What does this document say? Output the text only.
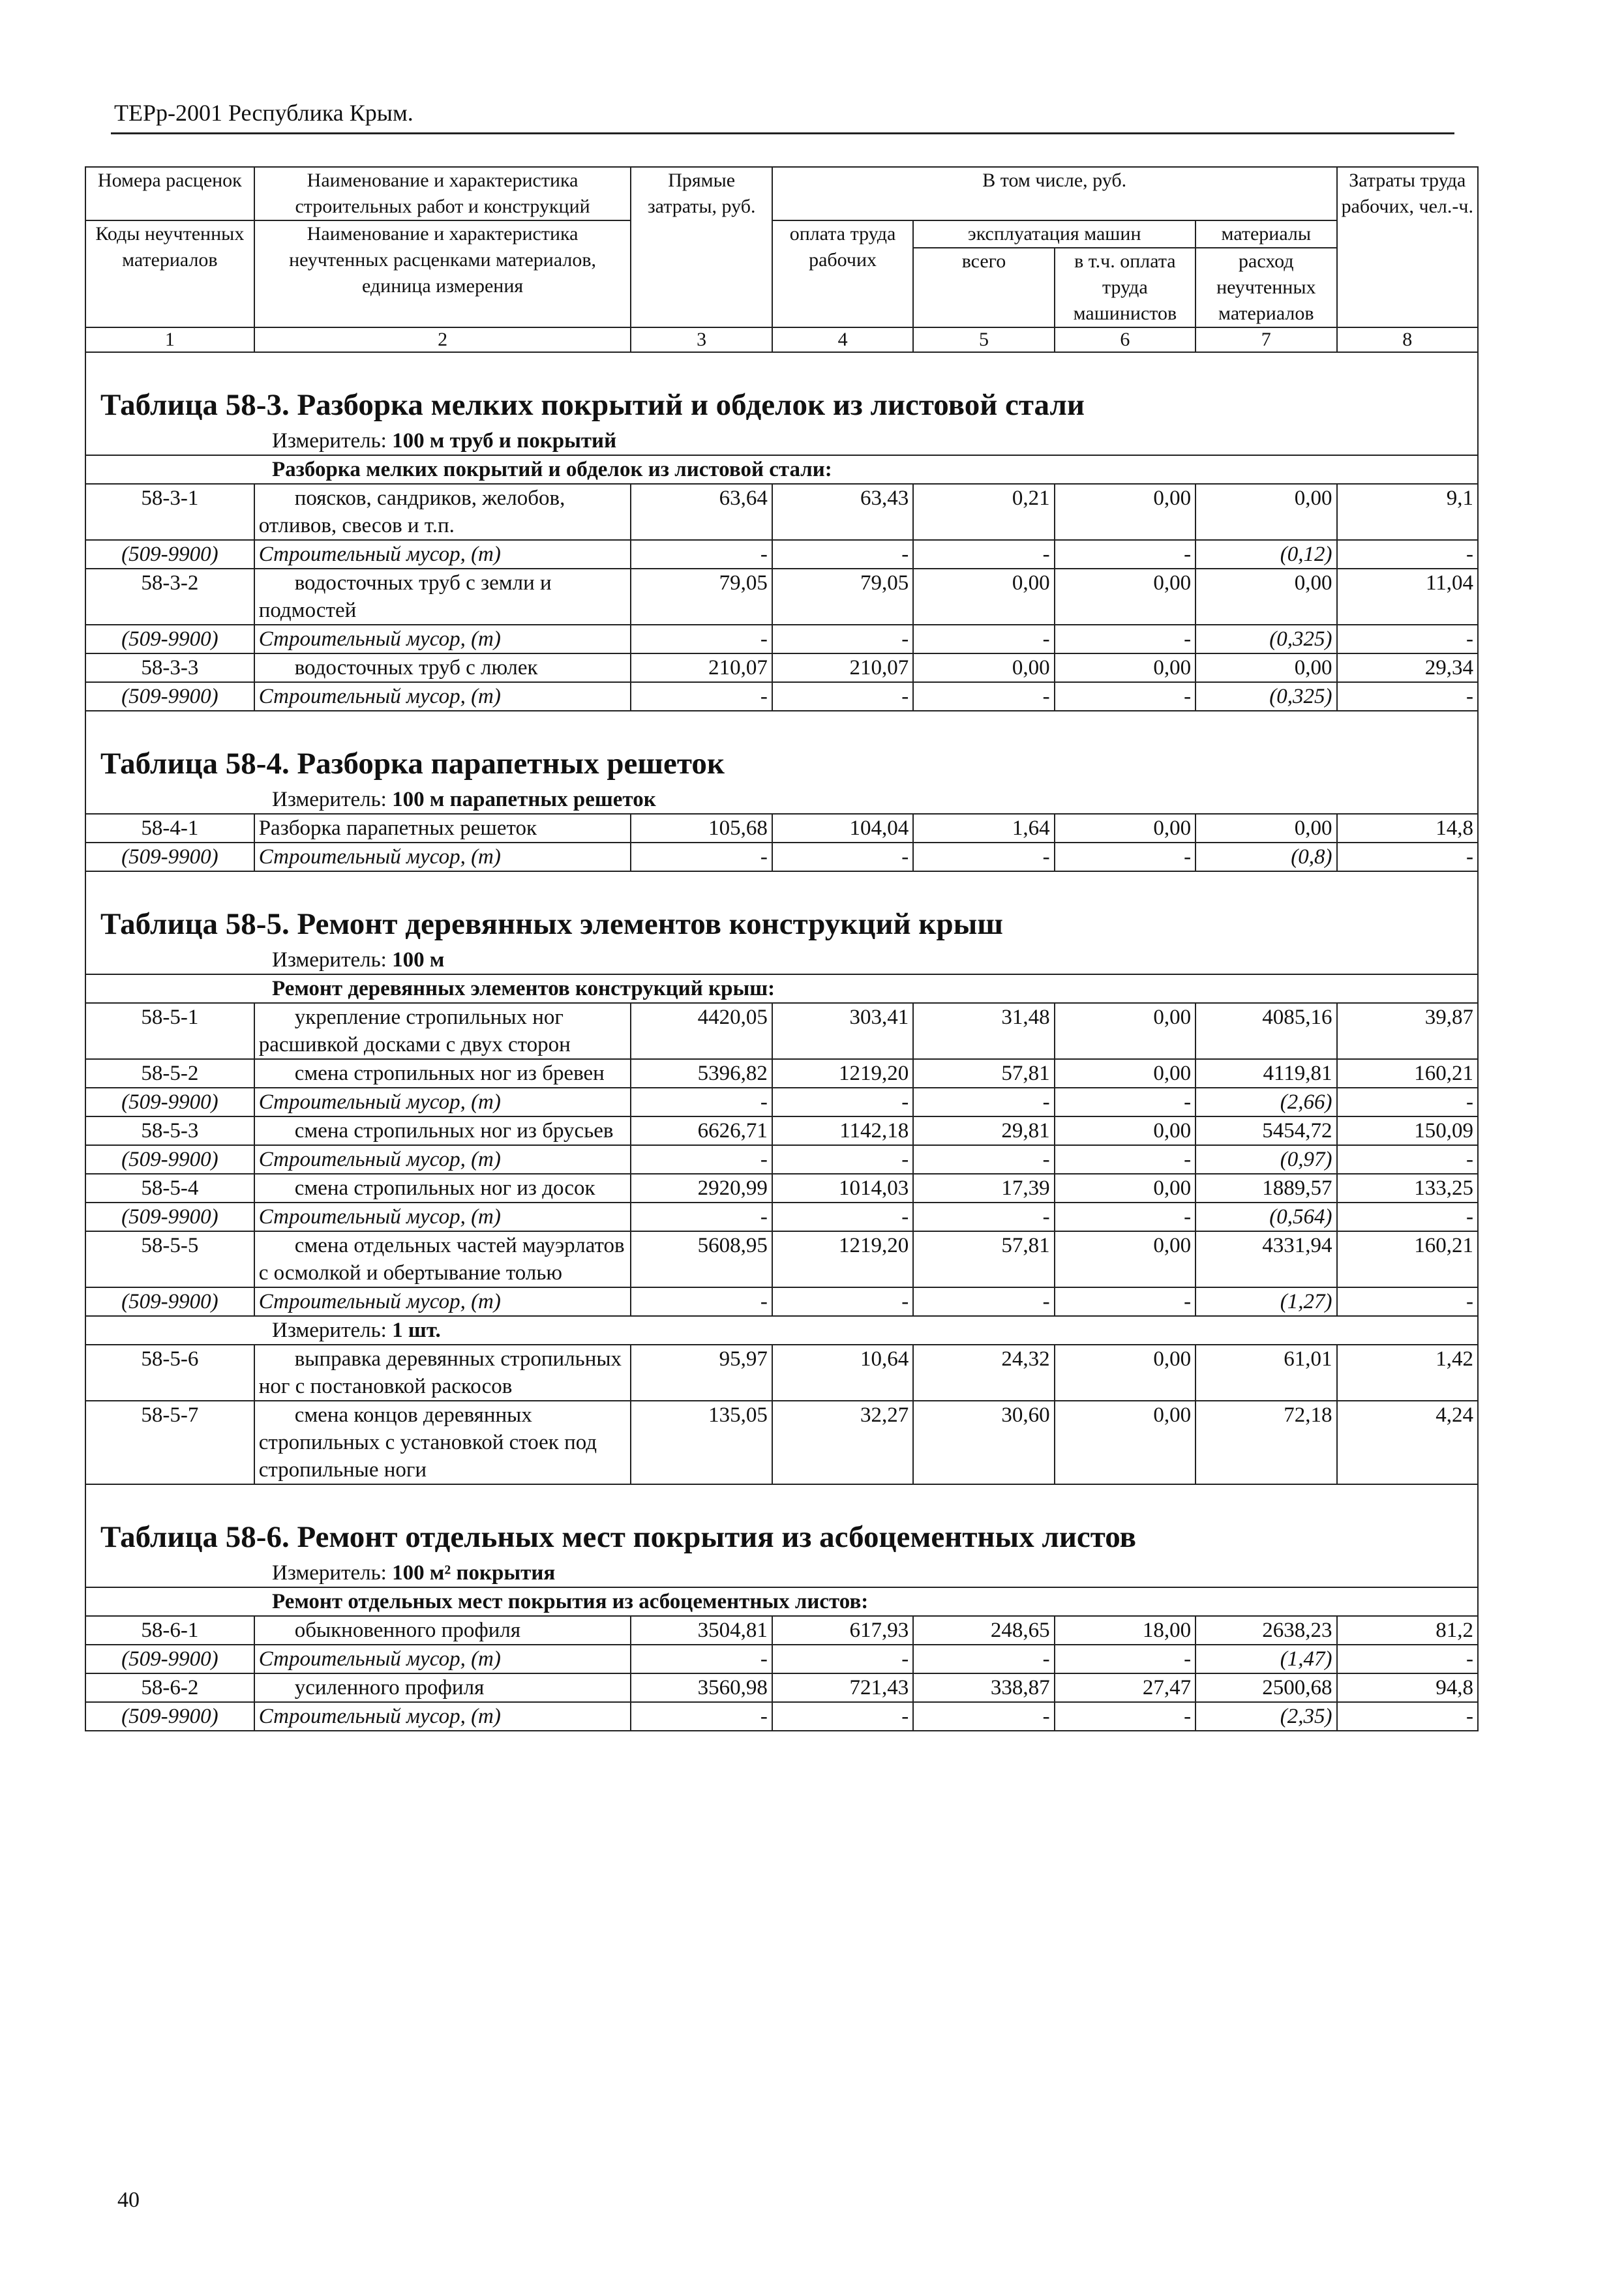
ТЕРр-2001 Республика Крым.
Номера расценок	Наименование и характеристика строительных работ и конструкций	Прямые затраты, руб.	В том числе, руб.				Затраты труда рабочих, чел.-ч.
Коды неучтенных материалов	Наименование и характеристика неучтенных расценками материалов, единица измерения		оплата труда рабочих	эксплуатация машин		материалы	
				всего	в т.ч. оплата труда машинистов	расход неучтенных материалов	
1	2	3	4	5	6	7	8

Таблица 58-3. Разборка мелких покрытий и обделок из листовой стали							
Измеритель: 100 м труб и покрытий							
Разборка мелких покрытий и обделок из листовой стали:							
58-3-1	поясков, сандриков, желобов, отливов, свесов и т.п.	63,64	63,43	0,21	0,00	0,00	9,1
(509-9900)	Строительный мусор, (т)	-	-	-	-	(0,12)	-
58-3-2	водосточных труб с земли и подмостей	79,05	79,05	0,00	0,00	0,00	11,04
(509-9900)	Строительный мусор, (т)	-	-	-	-	(0,325)	-
58-3-3	водосточных труб с люлек	210,07	210,07	0,00	0,00	0,00	29,34
(509-9900)	Строительный мусор, (т)	-	-	-	-	(0,325)	-

Таблица 58-4. Разборка парапетных решеток							
Измеритель: 100 м парапетных решеток							
58-4-1	Разборка парапетных решеток	105,68	104,04	1,64	0,00	0,00	14,8
(509-9900)	Строительный мусор, (т)	-	-	-	-	(0,8)	-

Таблица 58-5. Ремонт деревянных элементов конструкций крыш							
Измеритель: 100 м							
Ремонт деревянных элементов конструкций крыш:							
58-5-1	укрепление стропильных ног расшивкой досками с двух сторон	4420,05	303,41	31,48	0,00	4085,16	39,87
58-5-2	смена стропильных ног из бревен	5396,82	1219,20	57,81	0,00	4119,81	160,21
(509-9900)	Строительный мусор, (т)	-	-	-	-	(2,66)	-
58-5-3	смена стропильных ног из брусьев	6626,71	1142,18	29,81	0,00	5454,72	150,09
(509-9900)	Строительный мусор, (т)	-	-	-	-	(0,97)	-
58-5-4	смена стропильных ног из досок	2920,99	1014,03	17,39	0,00	1889,57	133,25
(509-9900)	Строительный мусор, (т)	-	-	-	-	(0,564)	-
58-5-5	смена отдельных частей мауэрлатов с осмолкой и обертывание толью	5608,95	1219,20	57,81	0,00	4331,94	160,21
(509-9900)	Строительный мусор, (т)	-	-	-	-	(1,27)	-
Измеритель: 1 шт.							
58-5-6	выправка деревянных стропильных ног с постановкой раскосов	95,97	10,64	24,32	0,00	61,01	1,42
58-5-7	смена концов деревянных стропильных с установкой стоек под стропильные ноги	135,05	32,27	30,60	0,00	72,18	4,24

Таблица 58-6. Ремонт отдельных мест покрытия из асбоцементных листов							
Измеритель: 100 м² покрытия							
Ремонт отдельных мест покрытия из асбоцементных листов:							
58-6-1	обыкновенного профиля	3504,81	617,93	248,65	18,00	2638,23	81,2
(509-9900)	Строительный мусор, (т)	-	-	-	-	(1,47)	-
58-6-2	усиленного профиля	3560,98	721,43	338,87	27,47	2500,68	94,8
(509-9900)	Строительный мусор, (т)	-	-	-	-	(2,35)	-
40
